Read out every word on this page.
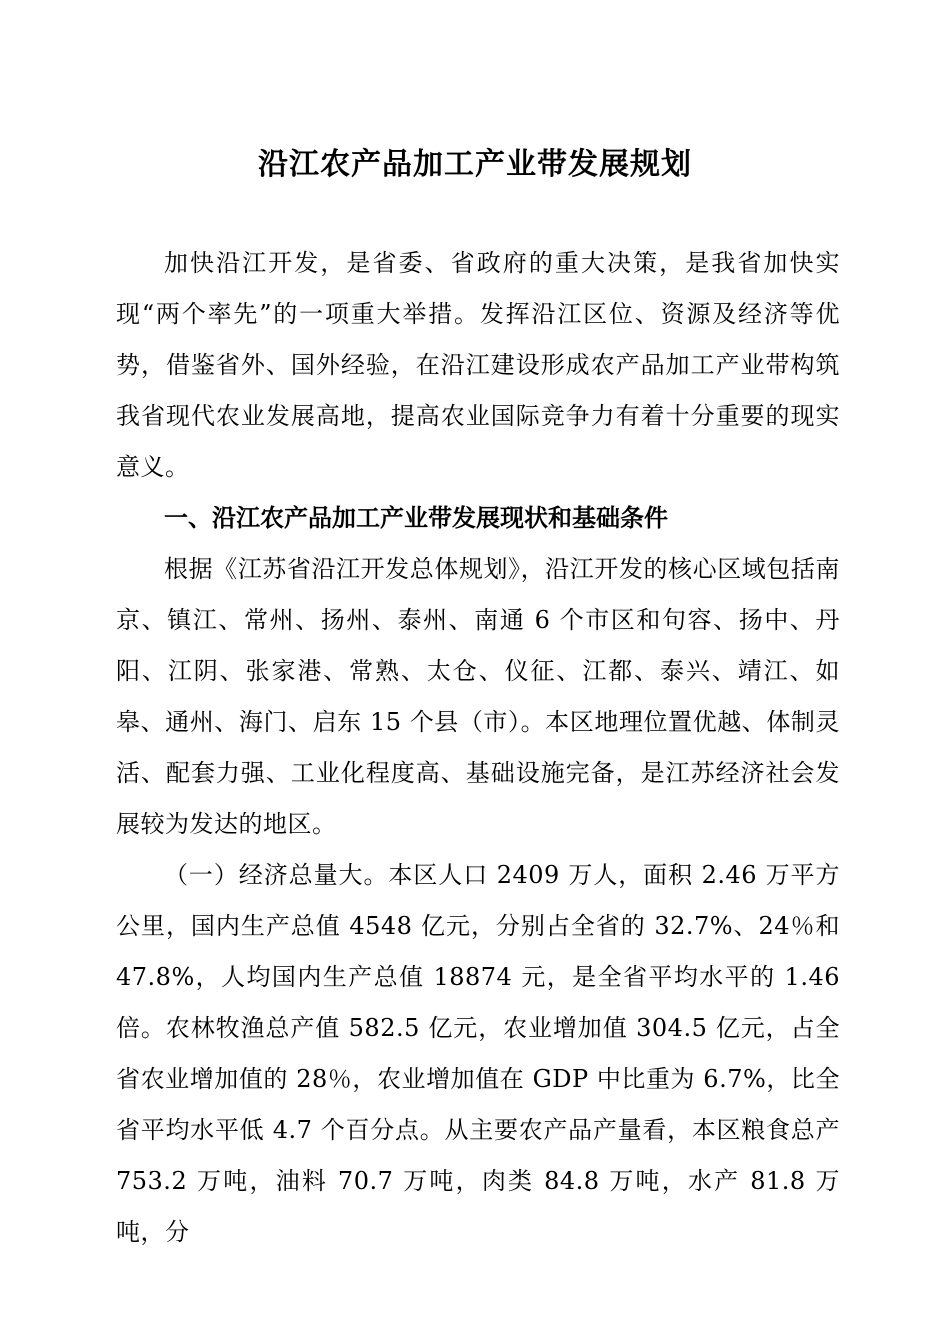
沿江农产品加工产业带发展规划

加快沿江开发，是省委、省政府的重大决策，是我省加快实现“两个率先”的一项重大举措。发挥沿江区位、资源及经济等优势，借鉴省外、国外经验，在沿江建设形成农产品加工产业带构筑我省现代农业发展高地，提高农业国际竞争力有着十分重要的现实意义。

一、沿江农产品加工产业带发展现状和基础条件

根据《江苏省沿江开发总体规划》，沿江开发的核心区域包括南京、镇江、常州、扬州、泰州、南通 6 个市区和句容、扬中、丹阳、江阴、张家港、常熟、太仓、仪征、江都、泰兴、靖江、如皋、通州、海门、启东 15 个县（市）。本区地理位置优越、体制灵活、配套力强、工业化程度高、基础设施完备，是江苏经济社会发展较为发达的地区。

（一）经济总量大。本区人口 2409 万人，面积 2.46 万平方公里，国内生产总值 4548 亿元，分别占全省的 32.7%、24％和 47.8%，人均国内生产总值 18874 元，是全省平均水平的 1.46 倍。农林牧渔总产值 582.5 亿元，农业增加值 304.5 亿元，占全省农业增加值的 28％，农业增加值在 GDP 中比重为 6.7%，比全省平均水平低 4.7 个百分点。从主要农产品产量看，本区粮食总产 753.2 万吨，油料 70.7 万吨，肉类 84.8 万吨，水产 81.8 万吨，分
